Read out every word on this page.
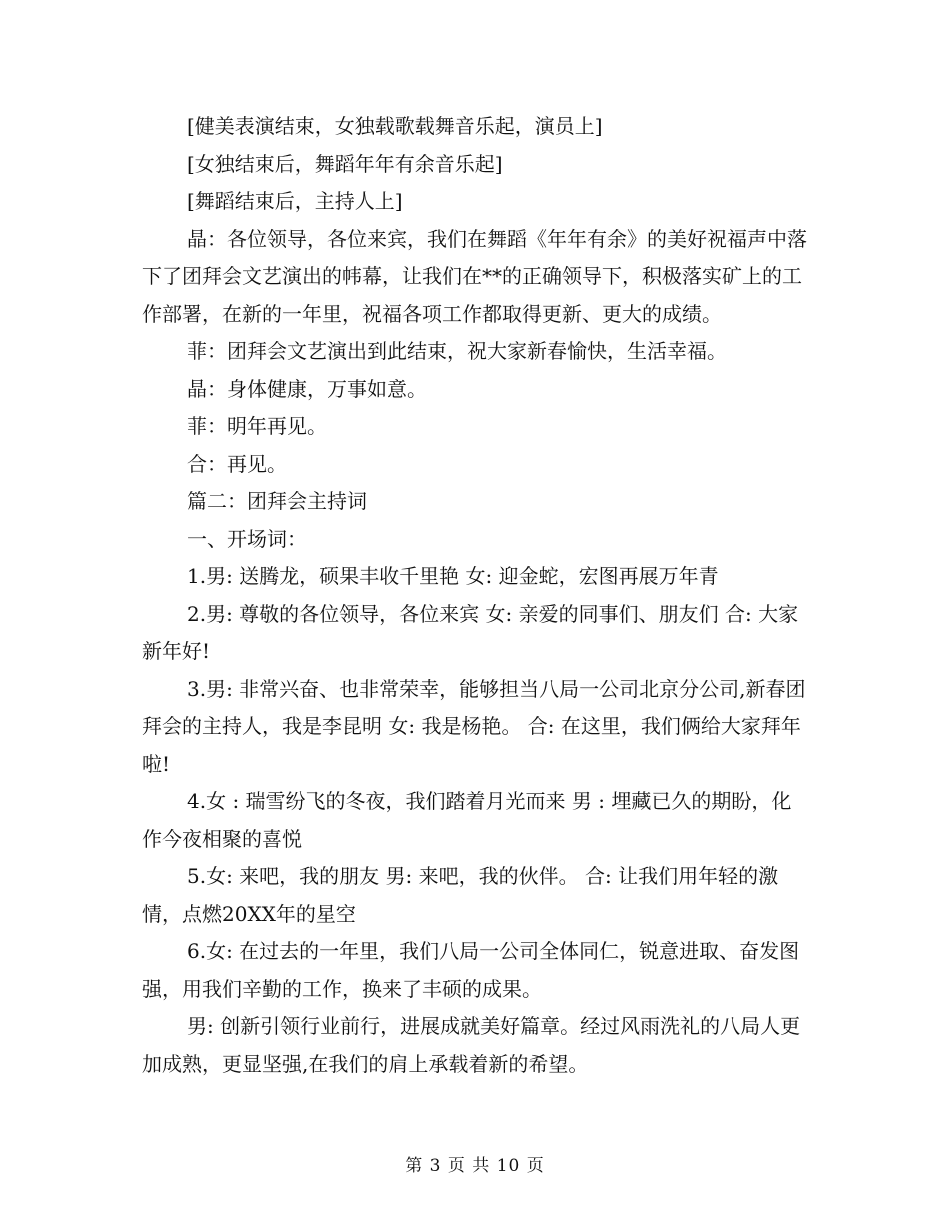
[健美表演结束，女独载歌载舞音乐起，演员上]

[女独结束后，舞蹈年年有余音乐起]

[舞蹈结束后，主持人上]

晶：各位领导，各位来宾，我们在舞蹈《年年有余》的美好祝福声中落下了团拜会文艺演出的帏幕，让我们在**的正确领导下，积极落实矿上的工作部署，在新的一年里，祝福各项工作都取得更新、更大的成绩。

菲：团拜会文艺演出到此结束，祝大家新春愉快，生活幸福。

晶：身体健康，万事如意。

菲：明年再见。

合：再见。

篇二：团拜会主持词

一、开场词：

1.男: 送腾龙，硕果丰收千里艳 女: 迎金蛇，宏图再展万年青

2.男: 尊敬的各位领导，各位来宾 女: 亲爱的同事们、朋友们 合: 大家新年好!

3.男: 非常兴奋、也非常荣幸，能够担当八局一公司北京分公司,新春团拜会的主持人，我是李昆明 女: 我是杨艳。 合: 在这里，我们俩给大家拜年啦!

4.女 : 瑞雪纷飞的冬夜，我们踏着月光而来 男 : 埋藏已久的期盼，化作今夜相聚的喜悦

5.女: 来吧，我的朋友 男: 来吧，我的伙伴。 合: 让我们用年轻的激情，点燃20XX年的星空

6.女: 在过去的一年里，我们八局一公司全体同仁，锐意进取、奋发图强，用我们辛勤的工作，换来了丰硕的成果。

男: 创新引领行业前行，进展成就美好篇章。经过风雨洗礼的八局人更加成熟，更显坚强,在我们的肩上承载着新的希望。

第 3 页 共 10 页
